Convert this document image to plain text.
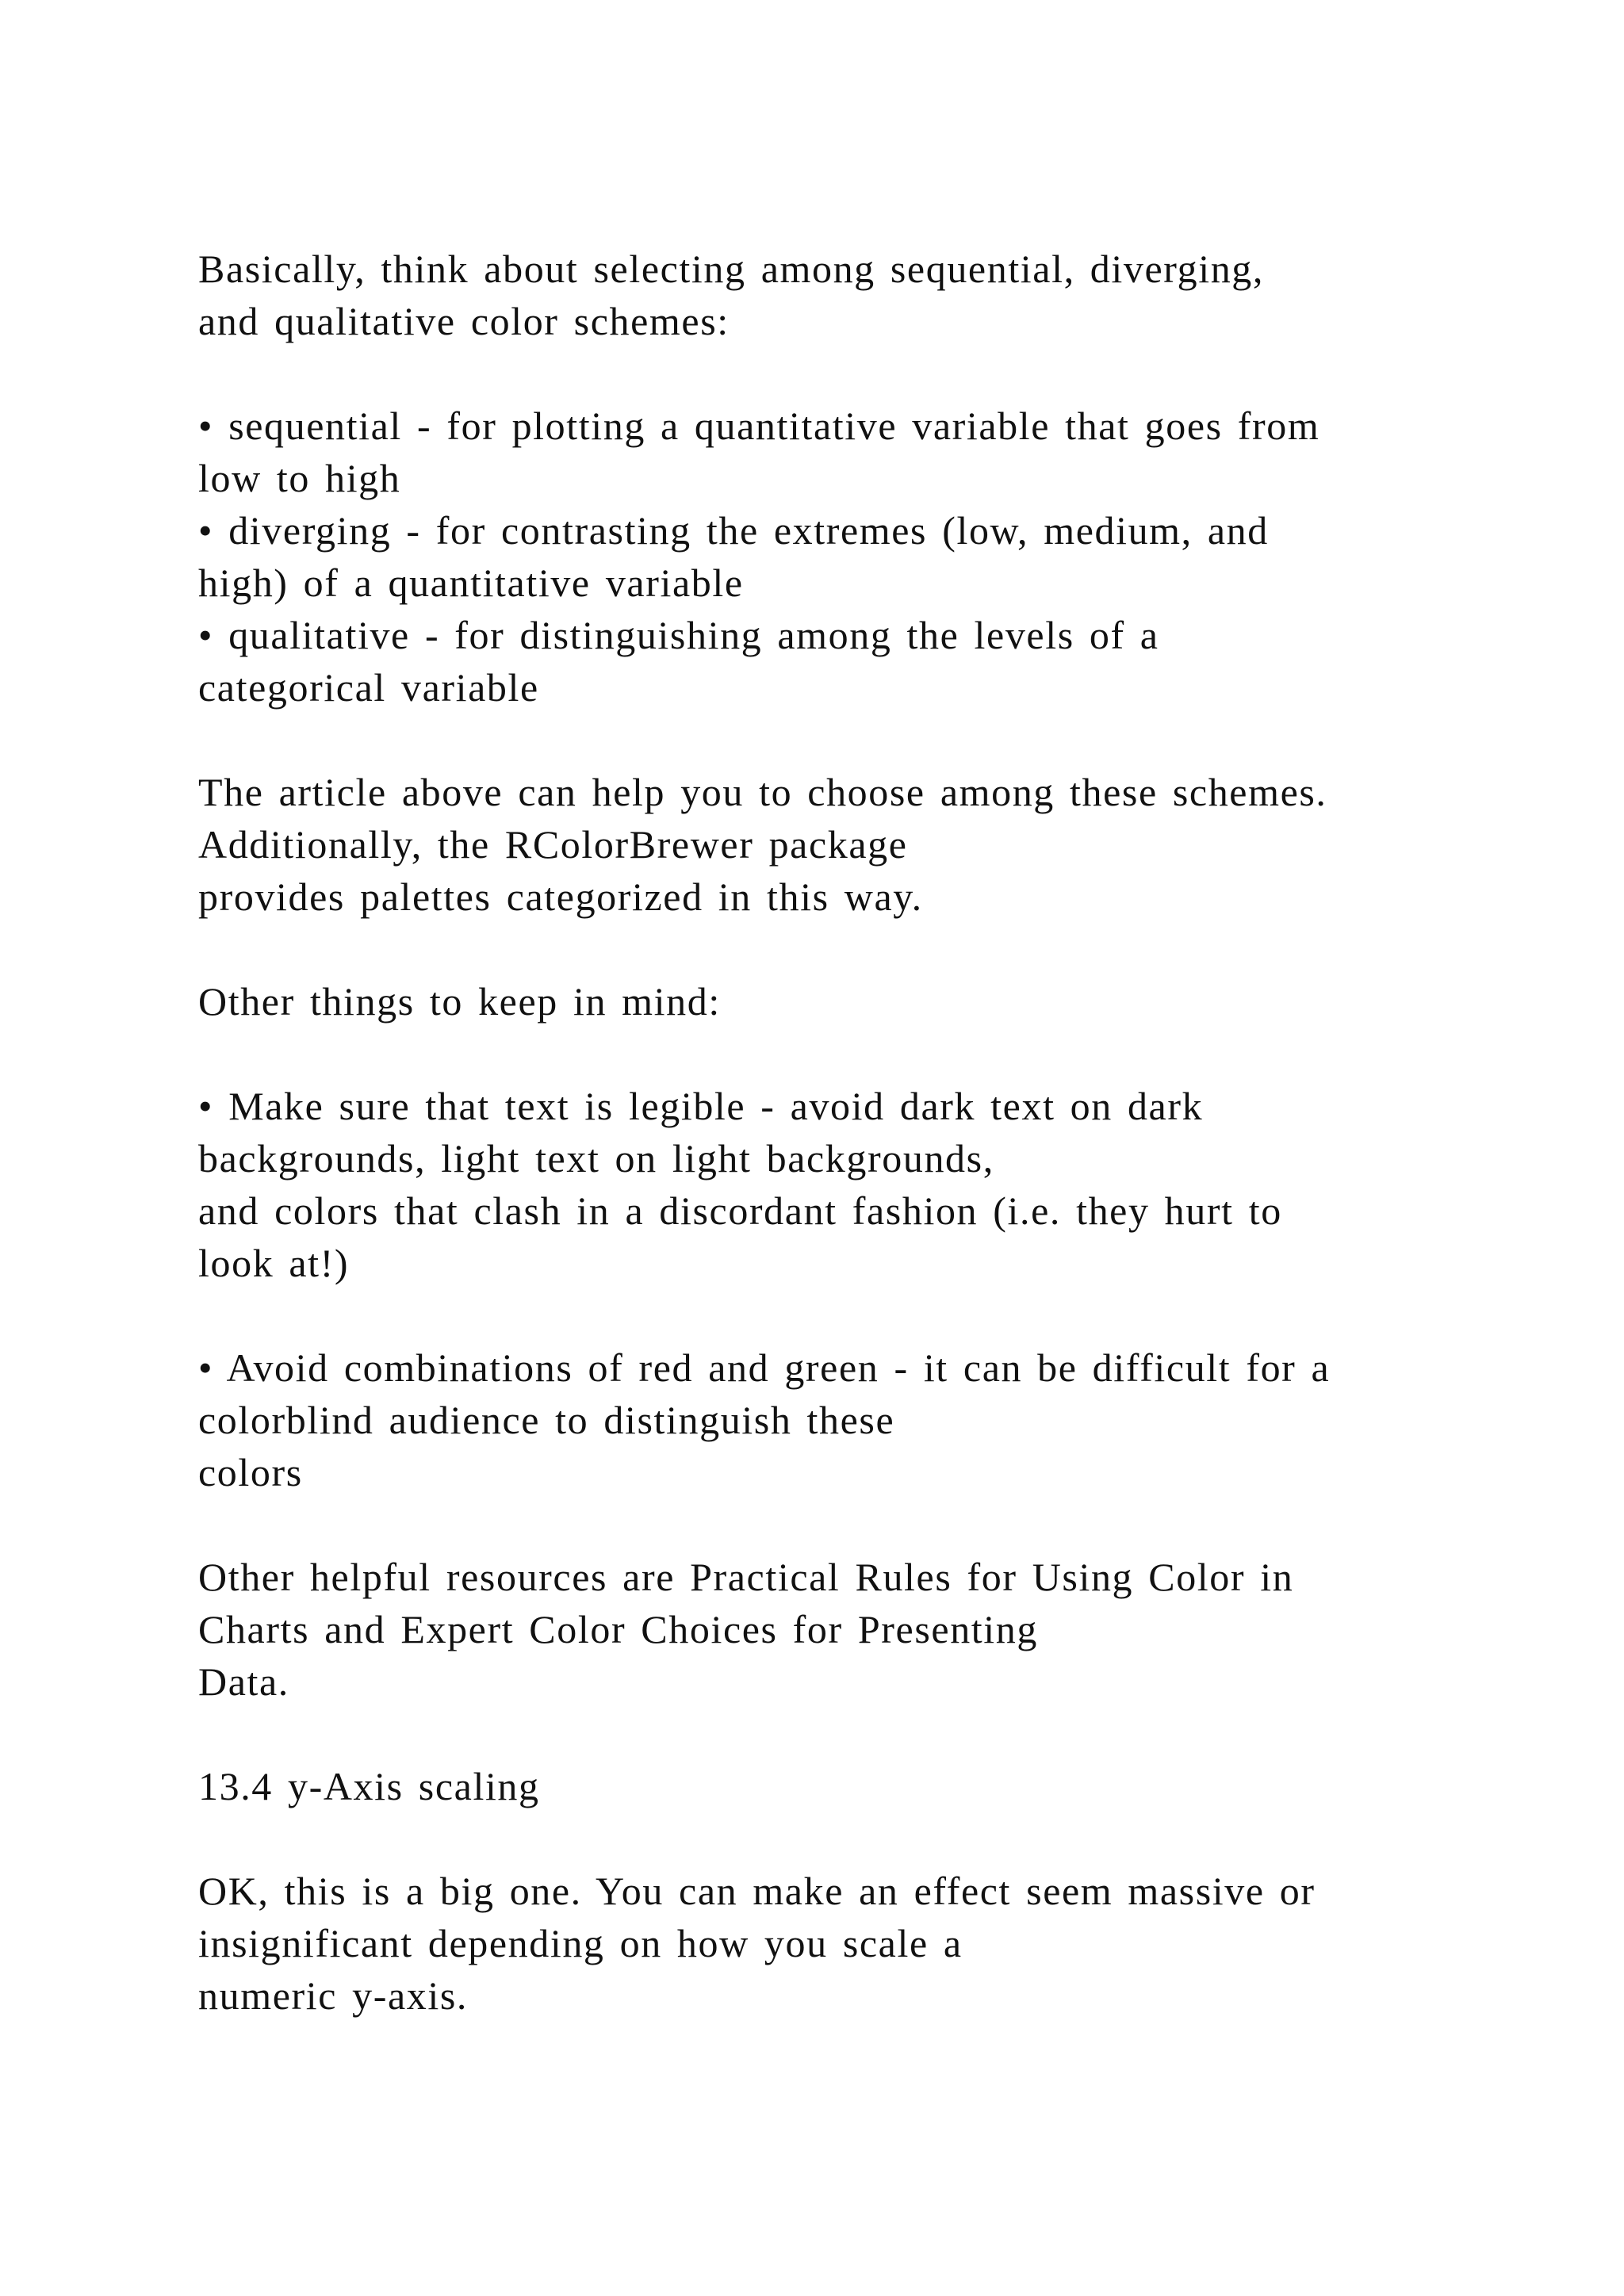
Basically, think about selecting among sequential, diverging,
and qualitative color schemes:
• sequential - for plotting a quantitative variable that goes from
low to high
• diverging - for contrasting the extremes (low, medium, and
high) of a quantitative variable
• qualitative - for distinguishing among the levels of a
categorical variable
The article above can help you to choose among these schemes.
Additionally, the RColorBrewer package
provides palettes categorized in this way.
Other things to keep in mind:
• Make sure that text is legible - avoid dark text on dark
backgrounds, light text on light backgrounds,
and colors that clash in a discordant fashion (i.e. they hurt to
look at!)
• Avoid combinations of red and green - it can be difficult for a
colorblind audience to distinguish these
colors
Other helpful resources are Practical Rules for Using Color in
Charts and Expert Color Choices for Presenting
Data.
13.4 y-Axis scaling
OK, this is a big one. You can make an effect seem massive or
insignificant depending on how you scale a
numeric y-axis.
